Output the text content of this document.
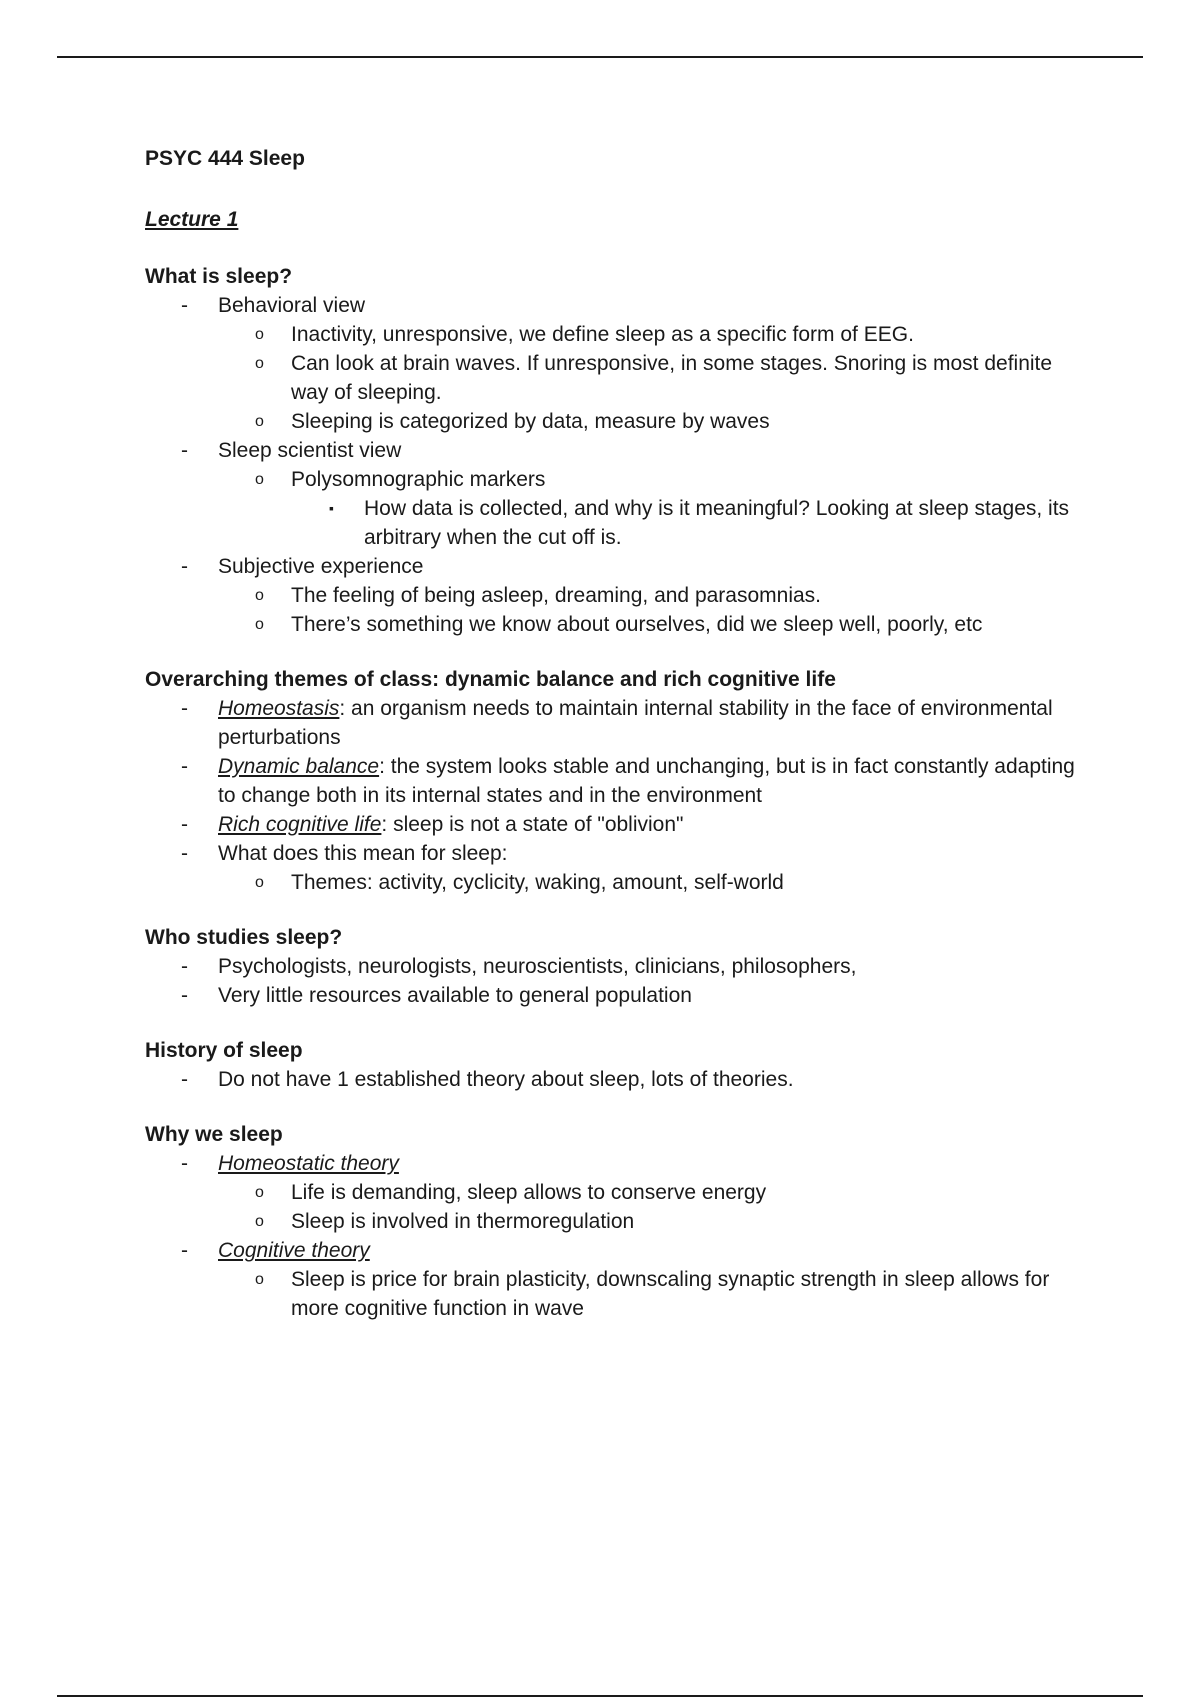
PSYC 444 Sleep
Lecture 1
What is sleep?
- Behavioral view
o Inactivity, unresponsive, we define sleep as a specific form of EEG.
o Can look at brain waves. If unresponsive, in some stages. Snoring is most definite way of sleeping.
o Sleeping is categorized by data, measure by waves
- Sleep scientist view
o Polysomnographic markers
▪ How data is collected, and why is it meaningful? Looking at sleep stages, its arbitrary when the cut off is.
- Subjective experience
o The feeling of being asleep, dreaming, and parasomnias.
o There’s something we know about ourselves, did we sleep well, poorly, etc
Overarching themes of class: dynamic balance and rich cognitive life
- Homeostasis: an organism needs to maintain internal stability in the face of environmental perturbations
- Dynamic balance: the system looks stable and unchanging, but is in fact constantly adapting to change both in its internal states and in the environment
- Rich cognitive life: sleep is not a state of "oblivion"
- What does this mean for sleep:
o Themes: activity, cyclicity, waking, amount, self-world
Who studies sleep?
- Psychologists, neurologists, neuroscientists, clinicians, philosophers,
- Very little resources available to general population
History of sleep
- Do not have 1 established theory about sleep, lots of theories.
Why we sleep
- Homeostatic theory
o Life is demanding, sleep allows to conserve energy
o Sleep is involved in thermoregulation
- Cognitive theory
o Sleep is price for brain plasticity, downscaling synaptic strength in sleep allows for more cognitive function in wave
